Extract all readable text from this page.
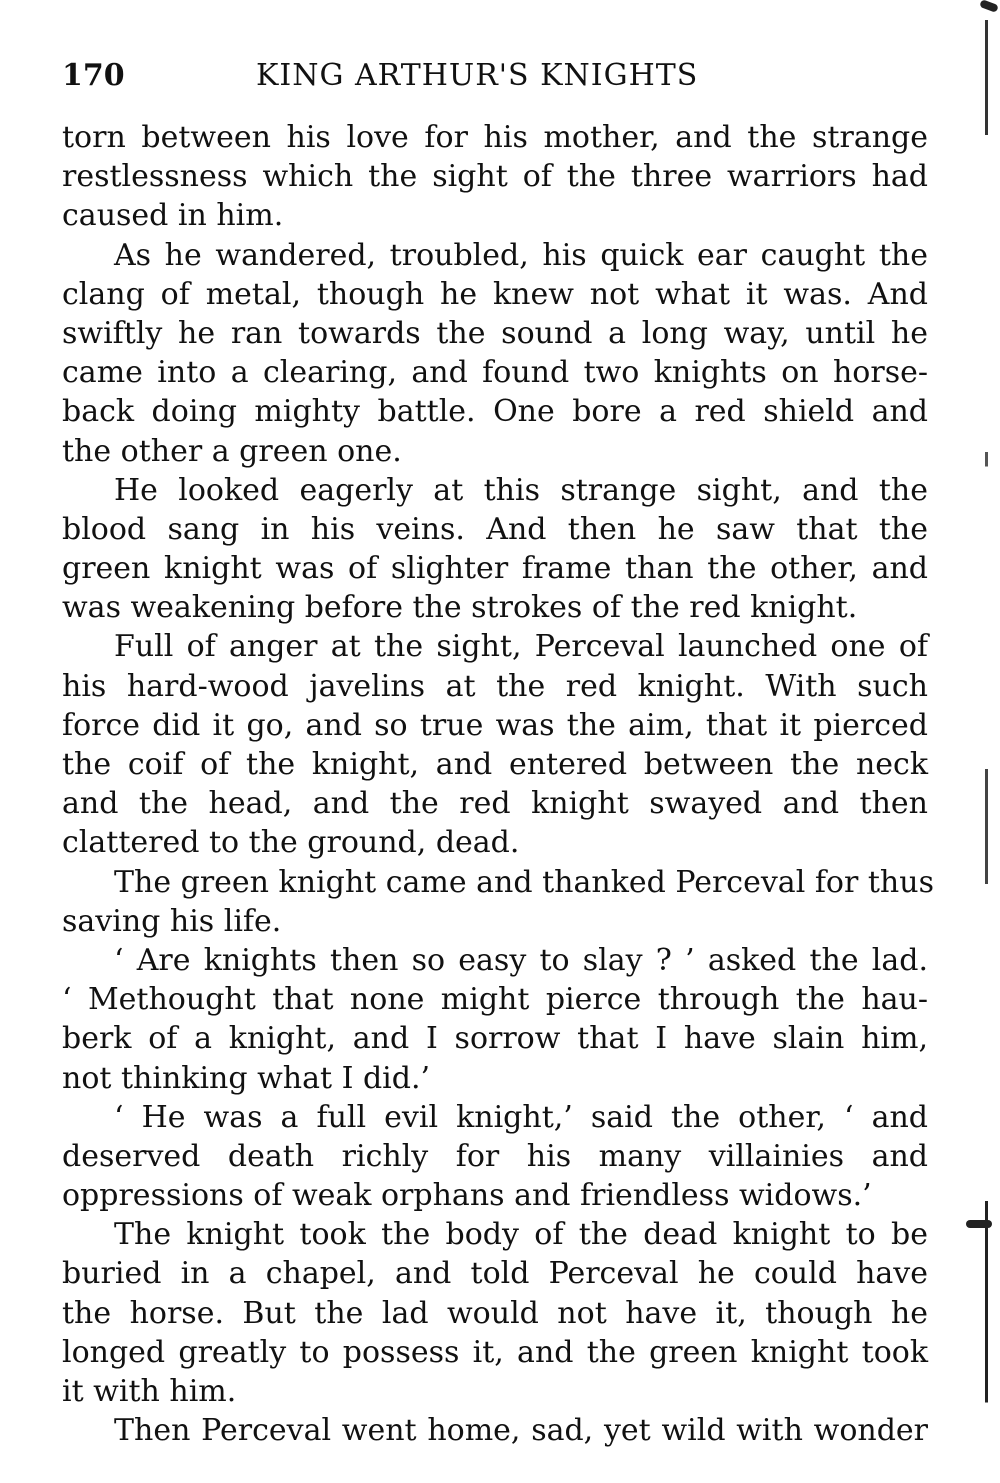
170	KING ARTHUR'S KNIGHTS
torn between his love for his mother, and the strange
restlessness which the sight of the three warriors had
caused in him.
As he wandered, troubled, his quick ear caught the
clang of metal, though he knew not what it was. And
swiftly he ran towards the sound a long way, until he
came into a clearing, and found two knights on horse-
back doing mighty battle. One bore a red shield and
the other a green one.
He looked eagerly at this strange sight, and the
blood sang in his veins. And then he saw that the
green knight was of slighter frame than the other, and
was weakening before the strokes of the red knight.
Full of anger at the sight, Perceval launched one of
his hard-wood javelins at the red knight. With such
force did it go, and so true was the aim, that it pierced
the coif of the knight, and entered between the neck
and the head, and the red knight swayed and then
clattered to the ground, dead.
The green knight came and thanked Perceval for thus
saving his life.
‘ Are knights then so easy to slay ? ’ asked the lad.
‘ Methought that none might pierce through the hau-
berk of a knight, and I sorrow that I have slain him,
not thinking what I did.’
‘ He was a full evil knight,’ said the other, ‘ and
deserved death richly for his many villainies and
oppressions of weak orphans and friendless widows.’
The knight took the body of the dead knight to be
buried in a chapel, and told Perceval he could have
the horse. But the lad would not have it, though he
longed greatly to possess it, and the green knight took
it with him.
Then Perceval went home, sad, yet wild with wonder
